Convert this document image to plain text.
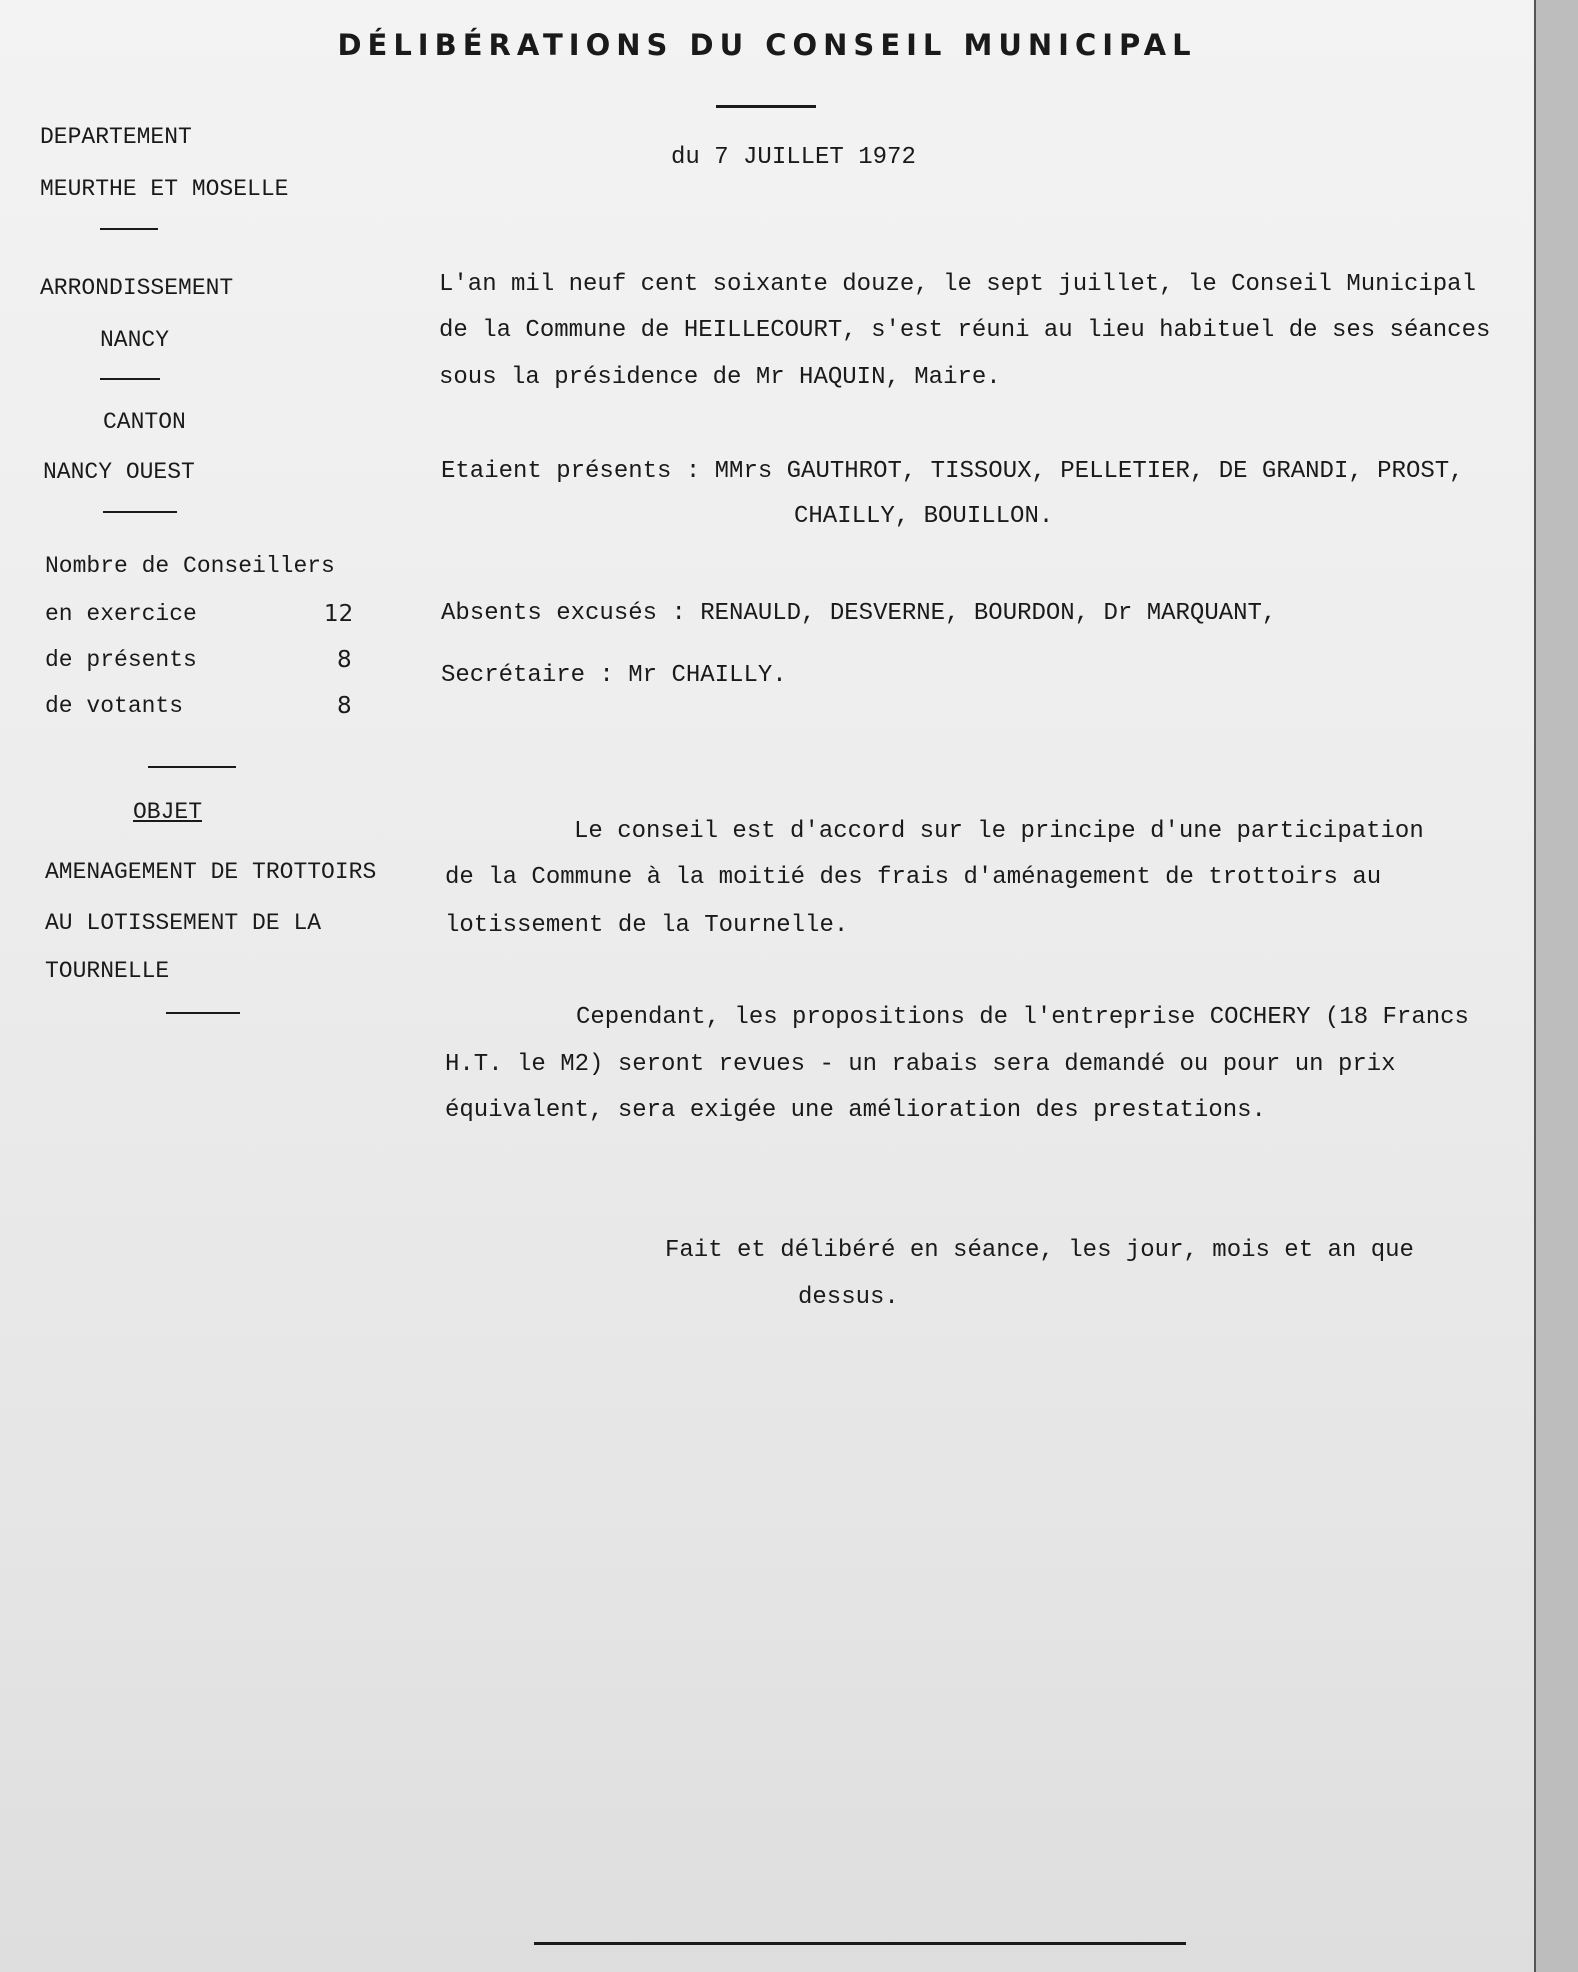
DÉLIBÉRATIONS DU CONSEIL MUNICIPAL
du 7 JUILLET 1972
DEPARTEMENT
MEURTHE ET MOSELLE
ARRONDISSEMENT
NANCY
CANTON
NANCY OUEST
Nombre de Conseillers
en exercice	12
de présents	8
de votants	8
OBJET
AMENAGEMENT DE TROTTOIRS
AU LOTISSEMENT DE LA
TOURNELLE
L'an mil neuf cent soixante douze, le sept juillet, le Conseil Municipal
de la Commune de HEILLECOURT, s'est réuni au lieu habituel de ses séances
sous la présidence de Mr HAQUIN, Maire.
Etaient présents : MMrs GAUTHROT, TISSOUX, PELLETIER, DE GRANDI, PROST,
CHAILLY, BOUILLON.
Absents excusés : RENAULD, DESVERNE, BOURDON, Dr MARQUANT,
Secrétaire : Mr CHAILLY.
Le conseil est d'accord sur le principe d'une participation
de la Commune à la moitié des frais d'aménagement de trottoirs au
lotissement de la Tournelle.
Cependant, les propositions de l'entreprise COCHERY (18 Francs
H.T. le M2) seront revues - un rabais sera demandé ou pour un prix
équivalent, sera exigée une amélioration des prestations.
Fait et délibéré en séance, les jour, mois et an que
dessus.
